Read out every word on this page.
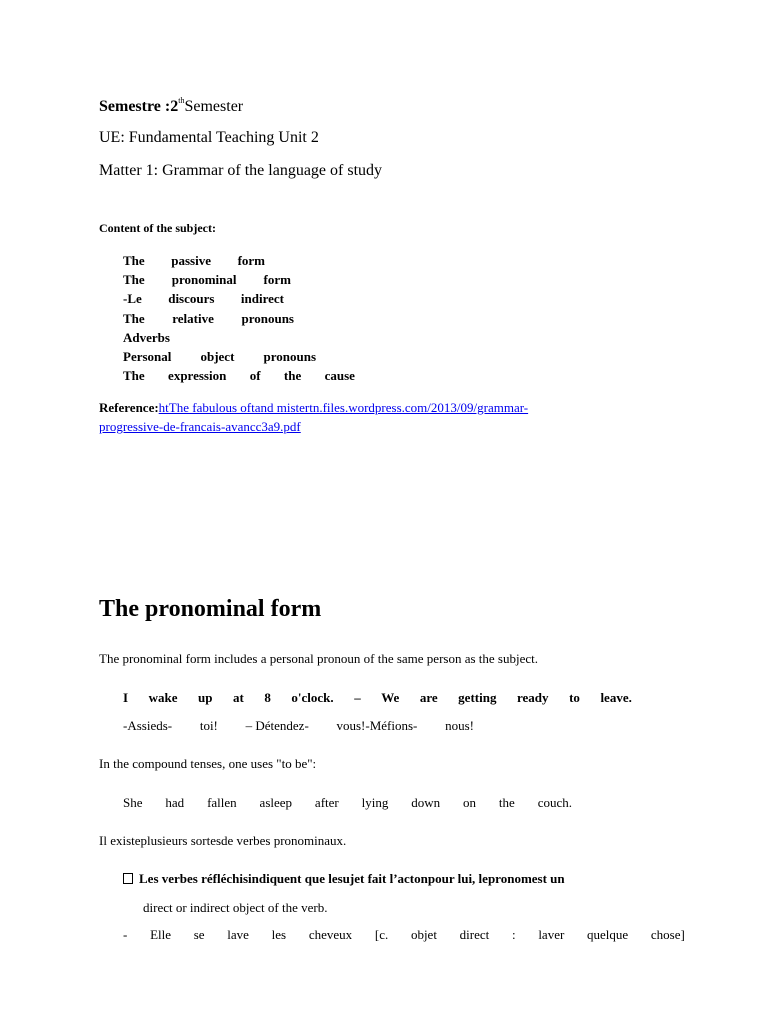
Semestre :2thSemester
UE: Fundamental Teaching Unit 2
Matter 1: Grammar of the language of study
Content of the subject:
The passive form
The pronominal form
-Le discours indirect
The relative pronouns
Adverbs
Personal object pronouns
The expression of the cause
Reference:htThe fabulous oftand mistertn.files.wordpress.com/2013/09/grammar-
progressive-de-francais-avancc3a9.pdf
The pronominal form
The pronominal form includes a personal pronoun of the same person as the subject.
I wake up at 8 o'clock. – We are getting ready to leave.
-Assieds- toi! – Détendez- vous!-Méfions- nous!
In the compound tenses, one uses "to be":
She had fallen asleep after lying down on the couch.
Il existeplusieurs sortesde verbes pronominaux.
Les verbes réfléchisindiquent que lesujet fait l’actonpour lui, lepronomest un
direct or indirect object of the verb.
- Elle se lave les cheveux [c. objet direct : laver quelque chose]
